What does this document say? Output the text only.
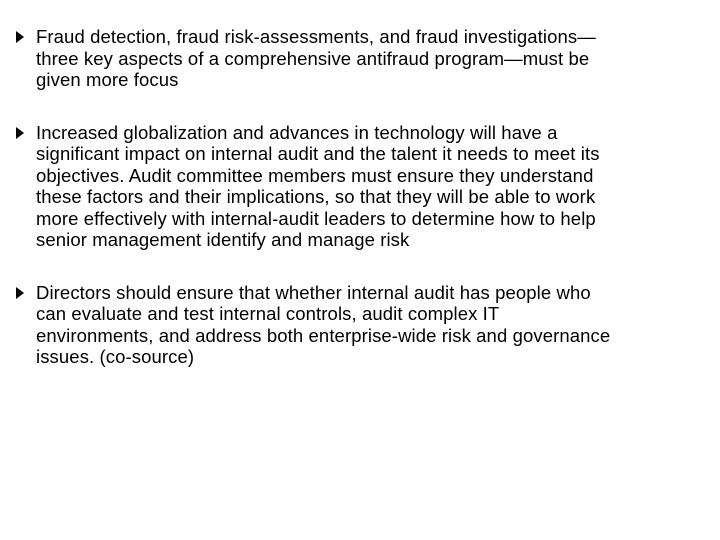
Fraud detection, fraud risk-assessments, and fraud investigations—three key aspects of a comprehensive antifraud program—must be given more focus
Increased globalization and advances in technology will have a significant impact on internal audit and the talent it needs to meet its objectives. Audit committee members must ensure they understand these factors and their implications, so that they will be able to work more effectively with internal-audit leaders to determine how to help senior management identify and manage risk
Directors should ensure that whether internal audit has people who can evaluate and test internal controls, audit complex IT environments, and address both enterprise-wide risk and governance issues. (co-source)
